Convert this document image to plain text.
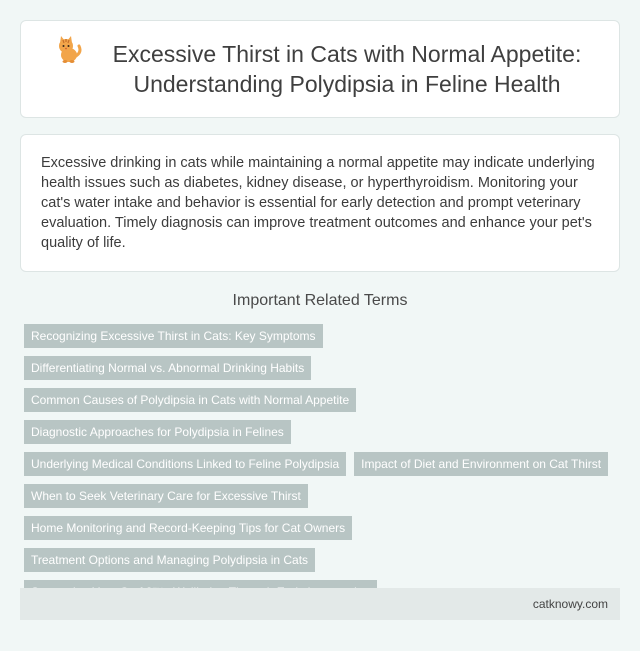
Excessive Thirst in Cats with Normal Appetite: Understanding Polydipsia in Feline Health

Excessive drinking in cats while maintaining a normal appetite may indicate underlying health issues such as diabetes, kidney disease, or hyperthyroidism. Monitoring your cat's water intake and behavior is essential for early detection and prompt veterinary evaluation. Timely diagnosis can improve treatment outcomes and enhance your pet's quality of life.

Important Related Terms
Recognizing Excessive Thirst in Cats: Key Symptoms
Differentiating Normal vs. Abnormal Drinking Habits
Common Causes of Polydipsia in Cats with Normal Appetite
Diagnostic Approaches for Polydipsia in Felines
Underlying Medical Conditions Linked to Feline Polydipsia	Impact of Diet and Environment on Cat Thirst
When to Seek Veterinary Care for Excessive Thirst
Home Monitoring and Record-Keeping Tips for Cat Owners
Treatment Options and Managing Polydipsia in Cats
catknowy.com
